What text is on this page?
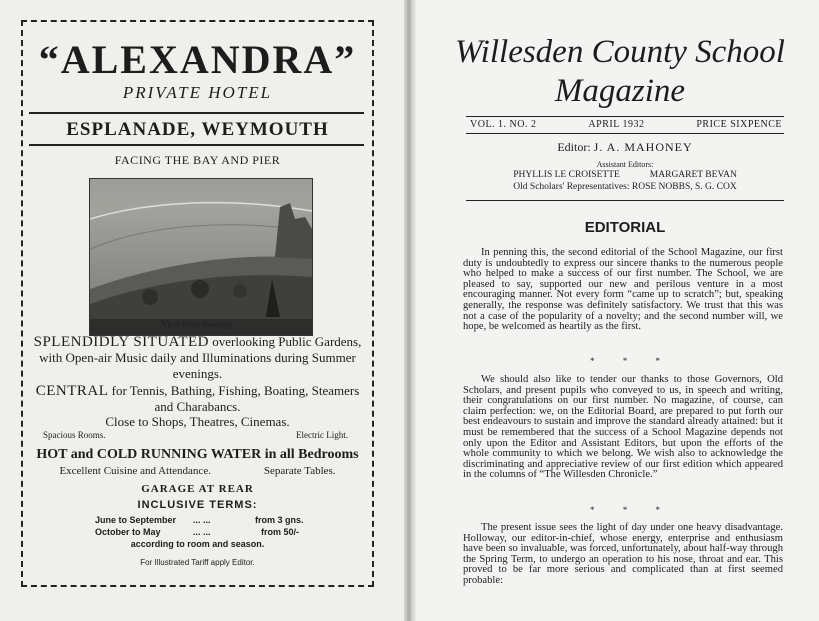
“ALEXANDRA”
PRIVATE HOTEL
ESPLANADE, WEYMOUTH
FACING THE BAY AND PIER
View from Balcony.
SPLENDIDLY SITUATED overlooking Public Gardens, with Open-air Music daily and Illuminations during Summer evenings.
CENTRAL for Tennis, Bathing, Fishing, Boating, Steamers and Charabancs.
Close to Shops, Theatres, Cinemas.
Spacious Rooms.	Electric Light.
HOT and COLD RUNNING WATER in all Bedrooms
Excellent Cuisine and Attendance.	Separate Tables.
GARAGE AT REAR
INCLUSIVE TERMS:
June to September ... ...	from 3 gns.
October to May	... ...	from 50/-
according to room and season.
For Illustrated Tariff apply Editor.
Willesden County School
Magazine
VOL. 1. NO. 2	APRIL 1932	PRICE SIXPENCE
Editor: J. A. MAHONEY
Assistant Editors:
PHYLLIS LE CROISETTE	MARGARET BEVAN
Old Scholars' Representatives: ROSE NOBBS, S. G. COX
EDITORIAL
In penning this, the second editorial of the School Magazine, our first duty is undoubtedly to express our sincere thanks to the numerous people who helped to make a success of our first number. The School, we are pleased to say, supported our new and perilous venture in a most encouraging manner. Not every form “came up to scratch”; but, speaking generally, the response was definitely satisfactory. We trust that this was not a case of the popularity of a novelty; and the second number will, we hope, be welcomed as heartily as the first.
* * *
We should also like to tender our thanks to those Governors, Old Scholars, and present pupils who conveyed to us, in speech and writing, their congratulations on our first number. No magazine, of course, can claim perfection: we, on the Editorial Board, are prepared to put forth our best endeavours to sustain and improve the standard already attained: but it must be remembered that the success of a School Magazine depends not only upon the Editor and Assistant Editors, but upon the efforts of the whole community to which we belong. We wish also to acknowledge the discriminating and appreciative review of our first edition which appeared in the columns of “The Willesden Chronicle.”
* * *
The present issue sees the light of day under one heavy disadvantage. Holloway, our editor-in-chief, whose energy, enterprise and enthusiasm have been so invaluable, was forced, unfortunately, about half-way through the Spring Term, to undergo an operation to his nose, throat and ear. This proved to be far more serious and complicated than at first seemed probable:
